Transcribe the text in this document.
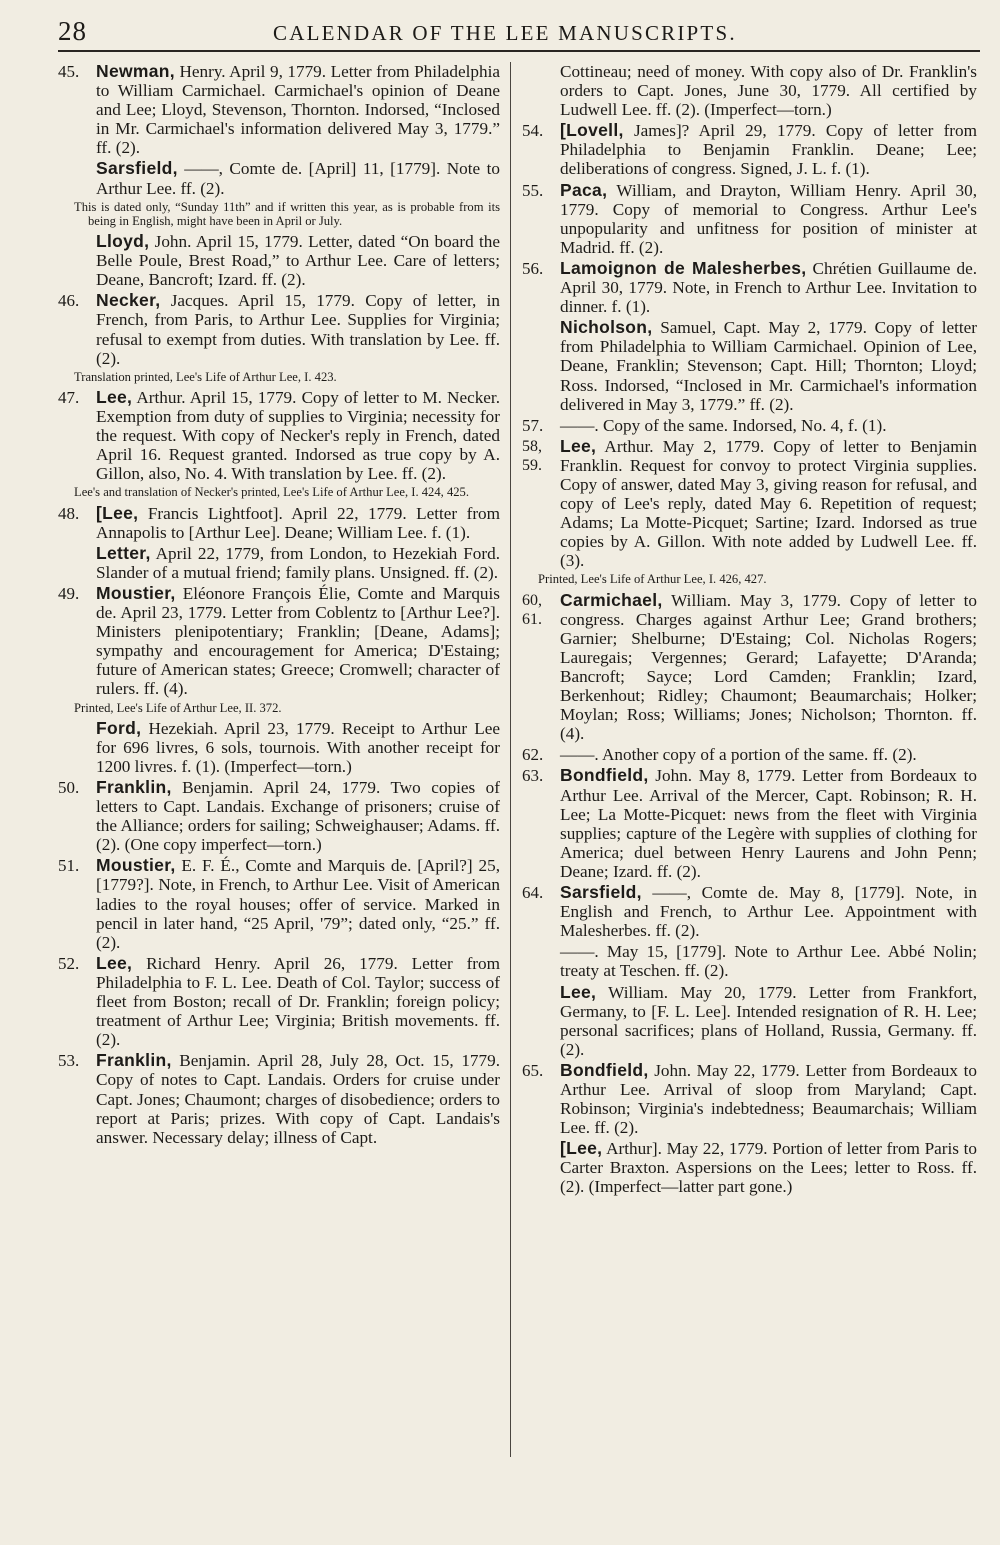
28	CALENDAR OF THE LEE MANUSCRIPTS.
45. Newman, Henry. April 9, 1779. Letter from Philadelphia to William Carmichael. Carmichael's opinion of Deane and Lee; Lloyd, Stevenson, Thornton. Indorsed, “Inclosed in Mr. Carmichael's information delivered May 3, 1779.” ff. (2).
Sarsfield, ——, Comte de. [April] 11, [1779]. Note to Arthur Lee. ff. (2).
This is dated only, “Sunday 11th” and if written this year, as is probable from its being in English, might have been in April or July.
Lloyd, John. April 15, 1779. Letter, dated “On board the Belle Poule, Brest Road,” to Arthur Lee. Care of letters; Deane, Bancroft; Izard. ff. (2).
46. Necker, Jacques. April 15, 1779. Copy of letter, in French, from Paris, to Arthur Lee. Supplies for Virginia; refusal to exempt from duties. With translation by Lee. ff. (2).
Translation printed, Lee's Life of Arthur Lee, I. 423.
47. Lee, Arthur. April 15, 1779. Copy of letter to M. Necker. Exemption from duty of supplies to Virginia; necessity for the request. With copy of Necker's reply in French, dated April 16. Request granted. Indorsed as true copy by A. Gillon, also, No. 4. With translation by Lee. ff. (2).
Lee's and translation of Necker's printed, Lee's Life of Arthur Lee, I. 424, 425.
48. [Lee, Francis Lightfoot]. April 22, 1779. Letter from Annapolis to [Arthur Lee]. Deane; William Lee. f. (1).
Letter, April 22, 1779, from London, to Hezekiah Ford. Slander of a mutual friend; family plans. Unsigned. ff. (2).
49. Moustier, Eléonore François Élie, Comte and Marquis de. April 23, 1779. Letter from Coblentz to [Arthur Lee?]. Ministers plenipotentiary; Franklin; [Deane, Adams]; sympathy and encouragement for America; D'Estaing; future of American states; Greece; Cromwell; character of rulers. ff. (4).
Printed, Lee's Life of Arthur Lee, II. 372.
Ford, Hezekiah. April 23, 1779. Receipt to Arthur Lee for 696 livres, 6 sols, tournois. With another receipt for 1200 livres. f. (1). (Imperfect—torn.)
50. Franklin, Benjamin. April 24, 1779. Two copies of letters to Capt. Landais. Exchange of prisoners; cruise of the Alliance; orders for sailing; Schweighauser; Adams. ff. (2). (One copy imperfect—torn.)
51. Moustier, E. F. É., Comte and Marquis de. [April?] 25, [1779?]. Note, in French, to Arthur Lee. Visit of American ladies to the royal houses; offer of service. Marked in pencil in later hand, “25 April, '79”; dated only, “25.” ff. (2).
52. Lee, Richard Henry. April 26, 1779. Letter from Philadelphia to F. L. Lee. Death of Col. Taylor; success of fleet from Boston; recall of Dr. Franklin; foreign policy; treatment of Arthur Lee; Virginia; British movements. ff. (2).
53. Franklin, Benjamin. April 28, July 28, Oct. 15, 1779. Copy of notes to Capt. Landais. Orders for cruise under Capt. Jones; Chaumont; charges of disobedience; orders to report at Paris; prizes. With copy of Capt. Landais's answer. Necessary delay; illness of Capt.
Cottineau; need of money. With copy also of Dr. Franklin's orders to Capt. Jones, June 30, 1779. All certified by Ludwell Lee. ff. (2). (Imperfect—torn.)
54. [Lovell, James]? April 29, 1779. Copy of letter from Philadelphia to Benjamin Franklin. Deane; Lee; deliberations of congress. Signed, J. L. f. (1).
55. Paca, William, and Drayton, William Henry. April 30, 1779. Copy of memorial to Congress. Arthur Lee's unpopularity and unfitness for position of minister at Madrid. ff. (2).
56. Lamoignon de Malesherbes, Chrétien Guillaume de. April 30, 1779. Note, in French to Arthur Lee. Invitation to dinner. f. (1).
Nicholson, Samuel, Capt. May 2, 1779. Copy of letter from Philadelphia to William Carmichael. Opinion of Lee, Deane, Franklin; Stevenson; Capt. Hill; Thornton; Lloyd; Ross. Indorsed, “Inclosed in Mr. Carmichael's information delivered in May 3, 1779.” ff. (2).
57. ——. Copy of the same. Indorsed, No. 4, f. (1).
58, 59.
Lee, Arthur. May 2, 1779. Copy of letter to Benjamin Franklin. Request for convoy to protect Virginia supplies. Copy of answer, dated May 3, giving reason for refusal, and copy of Lee's reply, dated May 6. Repetition of request; Adams; La Motte-Picquet; Sartine; Izard. Indorsed as true copies by A. Gillon. With note added by Ludwell Lee. ff. (3).
Printed, Lee's Life of Arthur Lee, I. 426, 427.
60, 61.
Carmichael, William. May 3, 1779. Copy of letter to congress. Charges against Arthur Lee; Grand brothers; Garnier; Shelburne; D'Estaing; Col. Nicholas Rogers; Lauregais; Vergennes; Gerard; Lafayette; D'Aranda; Bancroft; Sayce; Lord Camden; Franklin; Izard, Berkenhout; Ridley; Chaumont; Beaumarchais; Holker; Moylan; Ross; Williams; Jones; Nicholson; Thornton. ff. (4).
62. ——. Another copy of a portion of the same. ff. (2).
63. Bondfield, John. May 8, 1779. Letter from Bordeaux to Arthur Lee. Arrival of the Mercer, Capt. Robinson; R. H. Lee; La Motte-Picquet: news from the fleet with Virginia supplies; capture of the Legère with supplies of clothing for America; duel between Henry Laurens and John Penn; Deane; Izard. ff. (2).
64. Sarsfield, ——, Comte de. May 8, [1779]. Note, in English and French, to Arthur Lee. Appointment with Malesherbes. ff. (2).
——. May 15, [1779]. Note to Arthur Lee. Abbé Nolin; treaty at Teschen. ff. (2).
Lee, William. May 20, 1779. Letter from Frankfort, Germany, to [F. L. Lee]. Intended resignation of R. H. Lee; personal sacrifices; plans of Holland, Russia, Germany. ff. (2).
65. Bondfield, John. May 22, 1779. Letter from Bordeaux to Arthur Lee. Arrival of sloop from Maryland; Capt. Robinson; Virginia's indebtedness; Beaumarchais; William Lee. ff. (2).
[Lee, Arthur]. May 22, 1779. Portion of letter from Paris to Carter Braxton. Aspersions on the Lees; letter to Ross. ff. (2). (Imperfect—latter part gone.)
